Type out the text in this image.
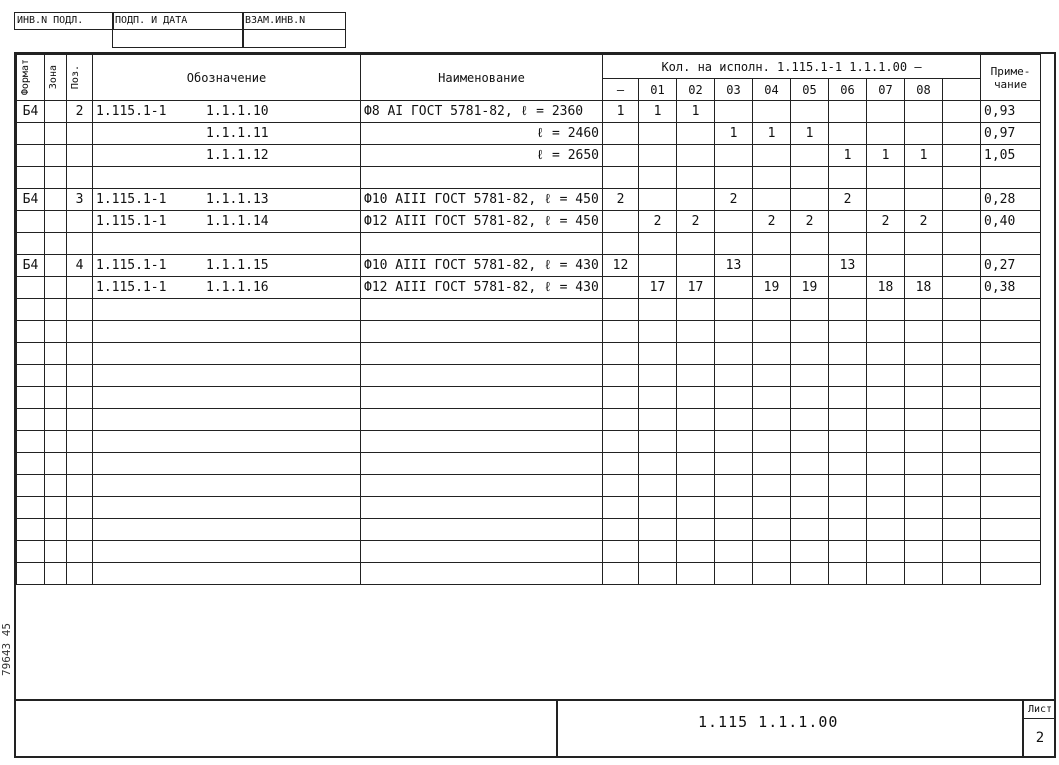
ИНВ.N ПОДЛ.	ПОДП. И ДАТА	ВЗАМ.ИНВ.N
79643 45
Формат	Зона	Поз.	Обозначение	Наименование	Кол. на исполн. 1.115.1-1 1.1.1.00 –										Приме-чание
					–	01	02	03	04	05	06	07	08		
Б4		2	1.115.1-1 1.1.1.10	Ф8 АI ГОСТ 5781-82, ℓ = 2360	1	1	1								0,93
			1.1.1.11	ℓ = 2460				1	1	1					0,97
			1.1.1.12	ℓ = 2650							1	1	1		1,05

Б4		3	1.115.1-1 1.1.1.13	Ф10 АIII ГОСТ 5781-82, ℓ = 450	2			2			2				0,28
			1.115.1-1 1.1.1.14	Ф12 АIII ГОСТ 5781-82, ℓ = 450		2	2		2	2		2	2		0,40

Б4		4	1.115.1-1 1.1.1.15	Ф10 АIII ГОСТ 5781-82, ℓ = 430	12			13			13				0,27
			1.115.1-1 1.1.1.16	Ф12 АIII ГОСТ 5781-82, ℓ = 430		17	17		19	19		18	18		0,38

1.115 1.1.1.00
Лист
2
